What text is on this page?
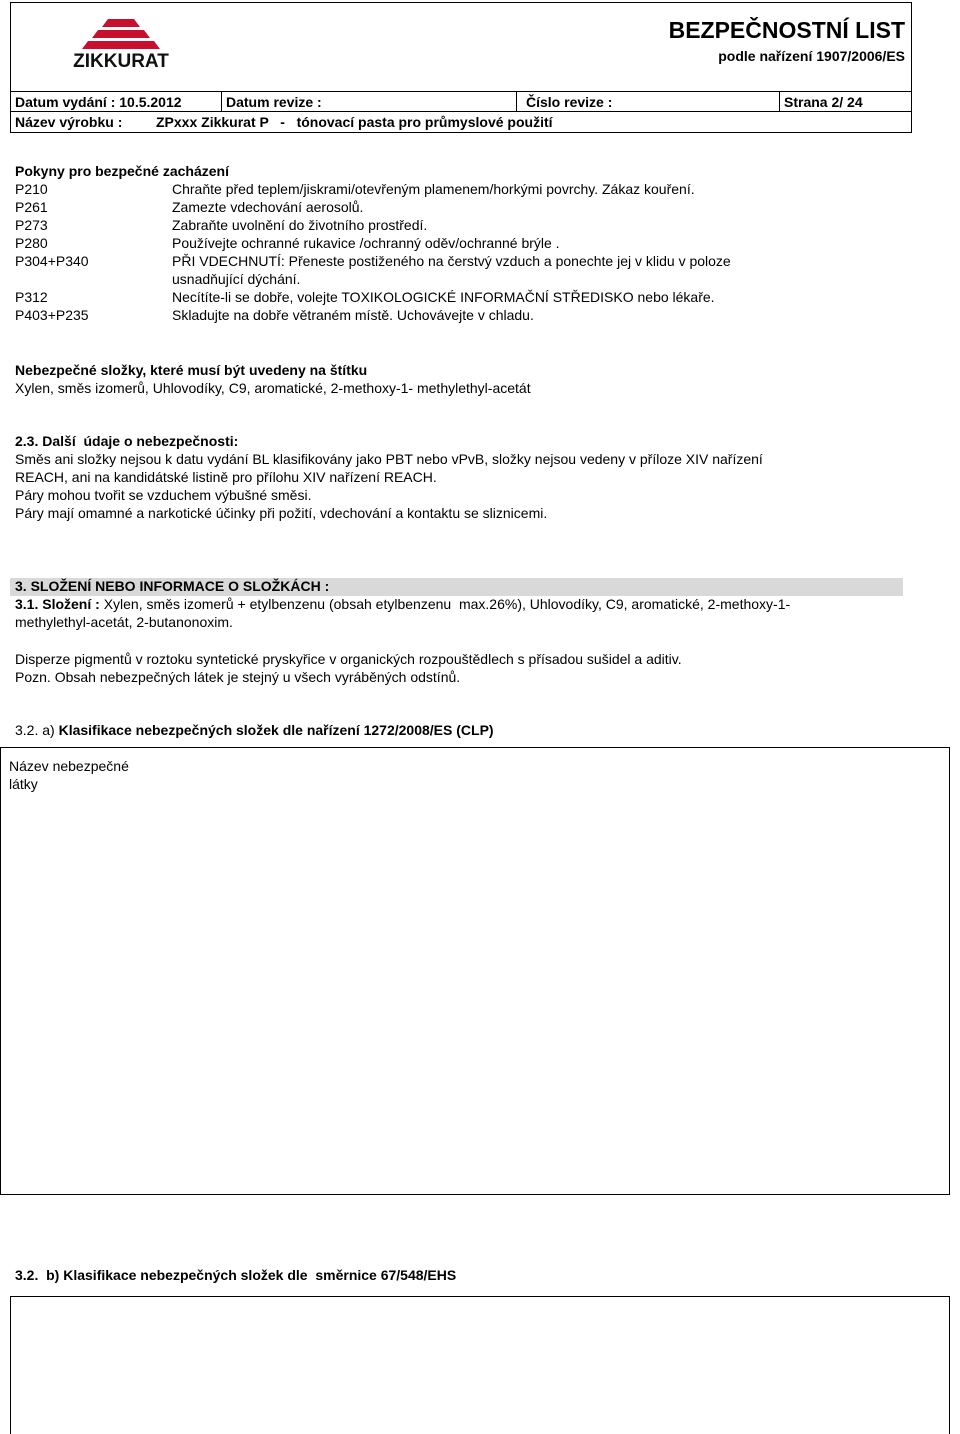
ZIKKURAT
BEZPEČNOSTNÍ LIST
podle nařízení 1907/2006/ES
Datum vydání : 10.5.2012	Datum revize :	Číslo revize :	Strana 2/ 24
Název výrobku : ZPxxx Zikkurat P   -   tónovací pasta pro průmyslové použití
Pokyny pro bezpečné zacházení
P210	Chraňte před teplem/jiskrami/otevřeným plamenem/horkými povrchy. Zákaz kouření.
P261	Zamezte vdechování aerosolů.
P273	Zabraňte uvolnění do životního prostředí.
P280	Používejte ochranné rukavice /ochranný oděv/ochranné brýle .
P304+P340	PŘI VDECHNUTÍ: Přeneste postiženého na čerstvý vzduch a ponechte jej v klidu v poloze
usnadňující dýchání.
P312	Necítíte-li se dobře, volejte TOXIKOLOGICKÉ INFORMAČNÍ STŘEDISKO nebo lékaře.
P403+P235	Skladujte na dobře větraném místě. Uchovávejte v chladu.
Nebezpečné složky, které musí být uvedeny na štítku
Xylen, směs izomerů, Uhlovodíky, C9, aromatické, 2-methoxy-1- methylethyl-acetát
2.3. Další  údaje o nebezpečnosti:
Směs ani složky nejsou k datu vydání BL klasifikovány jako PBT nebo vPvB, složky nejsou vedeny v příloze XIV nařízení
REACH, ani na kandidátské listině pro přílohu XIV nařízení REACH.
Páry mohou tvořit se vzduchem výbušné směsi.
Páry mají omamné a narkotické účinky při požití, vdechování a kontaktu se sliznicemi.
3. SLOŽENÍ NEBO INFORMACE O SLOŽKÁCH :
3.1. Složení : Xylen, směs izomerů + etylbenzenu (obsah etylbenzenu  max.26%), Uhlovodíky, C9, aromatické, 2-methoxy-1-
methylethyl-acetát, 2-butanonoxim.
Disperze pigmentů v roztoku syntetické pryskyřice v organických rozpouštědlech s přísadou sušidel a aditiv.
Pozn. Obsah nebezpečných látek je stejný u všech vyráběných odstínů.
3.2. a) Klasifikace nebezpečných složek dle nařízení 1272/2008/ES (CLP)
Název nebezpečné
látky
3.2.  b) Klasifikace nebezpečných složek dle  směrnice 67/548/EHS
